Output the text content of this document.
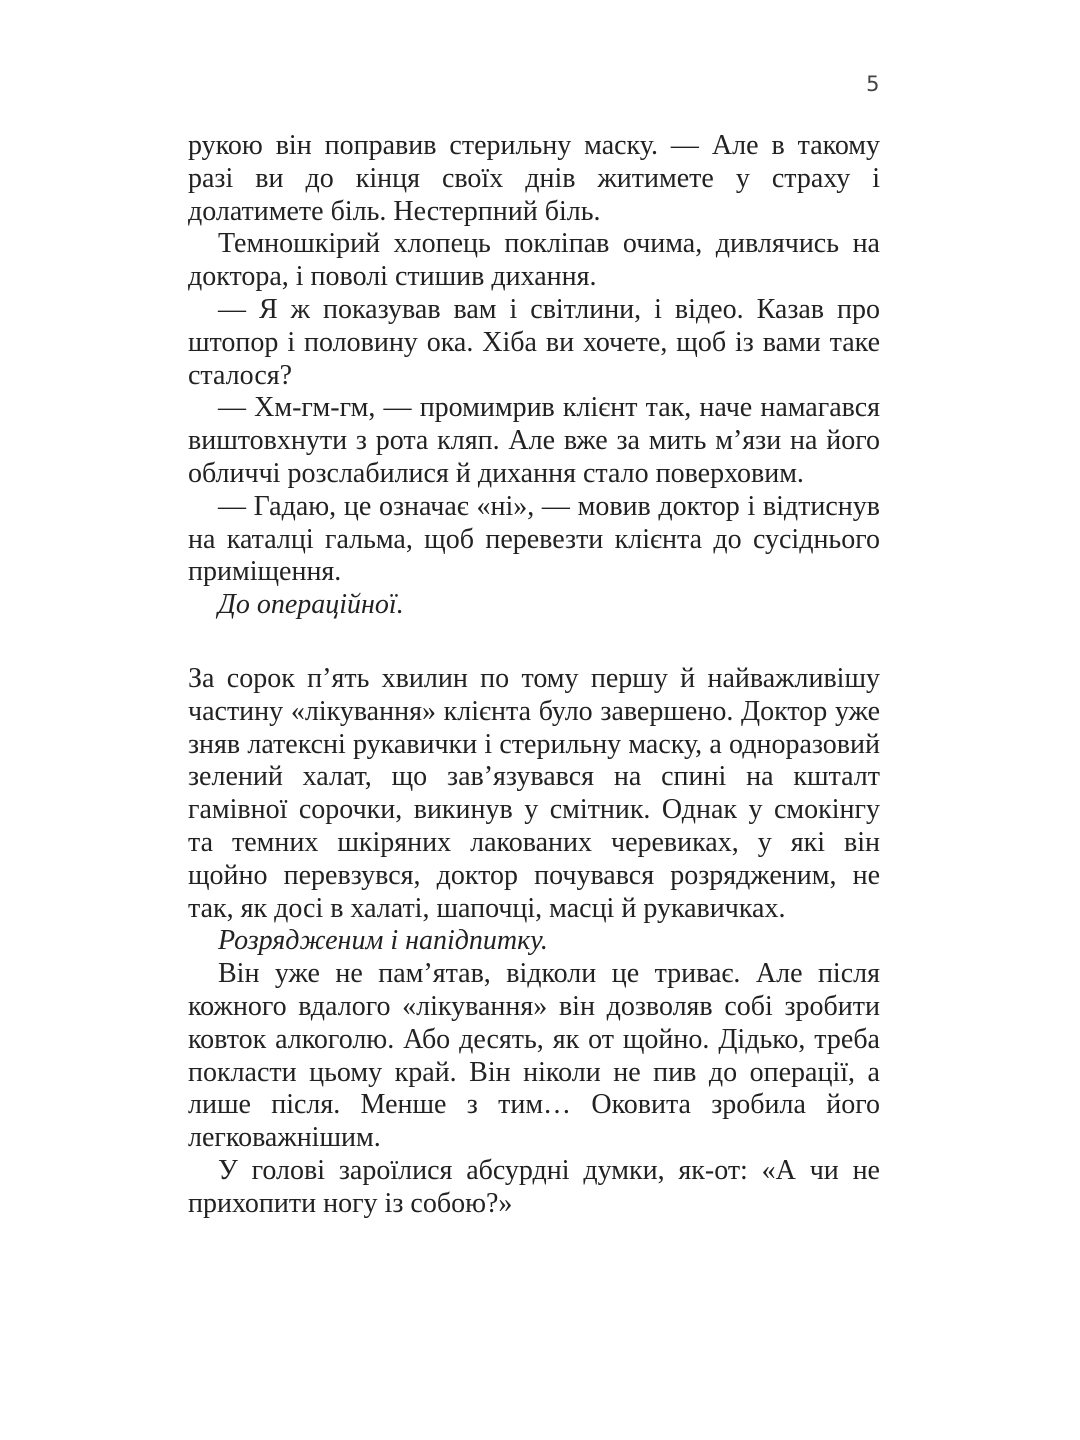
5

рукою він поправив стерильну маску. — Але в такому разі ви до кінця своїх днів житимете у страху і долатимете біль. Нестерпний біль.

Темношкірий хлопець покліпав очима, дивлячись на доктора, і поволі стишив дихання.

— Я ж показував вам і світлини, і відео. Казав про штопор і половину ока. Хіба ви хочете, щоб із вами таке сталося?

— Хм-гм-гм, — промимрив клієнт так, наче намагався виштовхнути з рота кляп. Але вже за мить м’язи на його обличчі розслабилися й дихання стало поверховим.

— Гадаю, це означає «ні», — мовив доктор і відтиснув на каталці гальма, щоб перевезти клієнта до сусіднього приміщення.

До операційної.

За сорок п’ять хвилин по тому першу й найважливішу частину «лікування» клієнта було завершено. Доктор уже зняв латексні рукавички і стерильну маску, а одноразовий зелений халат, що зав’язувався на спині на кшталт гамівної сорочки, викинув у смітник. Однак у смокінгу та темних шкіряних лакованих черевиках, у які він щойно перевзувся, доктор почувався розрядженим, не так, як досі в халаті, шапочці, масці й рукавичках.

Розрядженим і напідпитку.

Він уже не пам’ятав, відколи це триває. Але після кожного вдалого «лікування» він дозволяв собі зробити ковток алкоголю. Або десять, як от щойно. Дідько, треба покласти цьому край. Він ніколи не пив до операції, а лише після. Менше з тим… Оковита зробила його легковажнішим.

У голові зароїлися абсурдні думки, як-от: «А чи не прихопити ногу із собою?»
